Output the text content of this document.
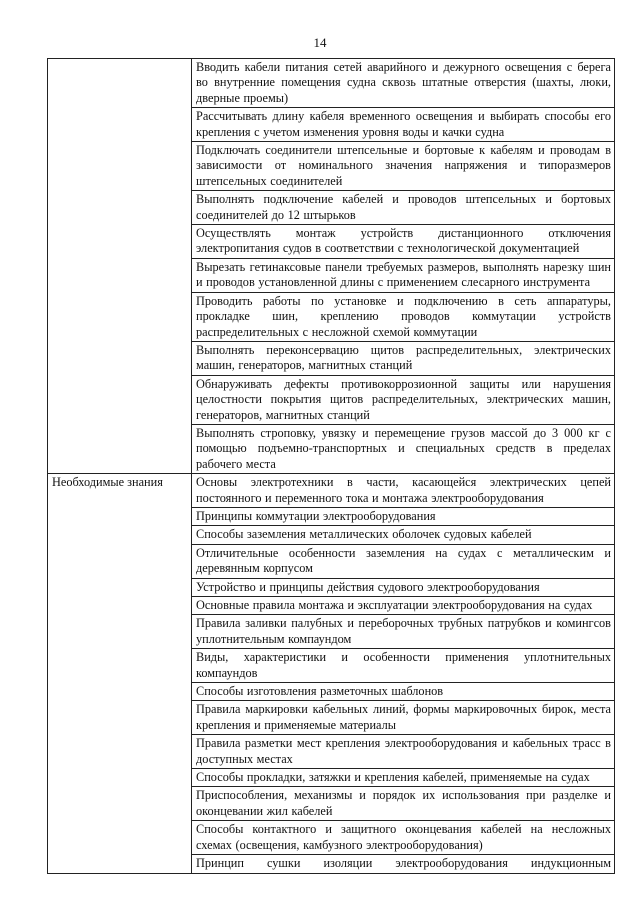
14
	Вводить кабели питания сетей аварийного и дежурного освещения с берега во внутренние помещения судна сквозь штатные отверстия (шахты, люки, дверные проемы)
	Рассчитывать длину кабеля временного освещения и выбирать способы его крепления с учетом изменения уровня воды и качки судна
	Подключать соединители штепсельные и бортовые к кабелям и проводам в зависимости от номинального значения напряжения и типоразмеров штепсельных соединителей
	Выполнять подключение кабелей и проводов штепсельных и бортовых соединителей до 12 штырьков
	Осуществлять монтаж устройств дистанционного отключения электропитания судов в соответствии с технологической документацией
	Вырезать гетинаксовые панели требуемых размеров, выполнять нарезку шин и проводов установленной длины с применением слесарного инструмента
	Проводить работы по установке и подключению в сеть аппаратуры, прокладке шин, креплению проводов коммутации устройств распределительных с несложной схемой коммутации
	Выполнять переконсервацию щитов распределительных, электрических машин, генераторов, магнитных станций
	Обнаруживать дефекты противокоррозионной защиты или нарушения целостности покрытия щитов распределительных, электрических машин, генераторов, магнитных станций
	Выполнять строповку, увязку и перемещение грузов массой до 3 000 кг с помощью подъемно-транспортных и специальных средств в пределах рабочего места
Необходимые знания	Основы электротехники в части, касающейся электрических цепей постоянного и переменного тока и монтажа электрооборудования
	Принципы коммутации электрооборудования
	Способы заземления металлических оболочек судовых кабелей
	Отличительные особенности заземления на судах с металлическим и деревянным корпусом
	Устройство и принципы действия судового электрооборудования
	Основные правила монтажа и эксплуатации электрооборудования на судах
	Правила заливки палубных и переборочных трубных патрубков и комингсов уплотнительным компаундом
	Виды, характеристики и особенности применения уплотнительных компаундов
	Способы изготовления разметочных шаблонов
	Правила маркировки кабельных линий, формы маркировочных бирок, места крепления и применяемые материалы
	Правила разметки мест крепления электрооборудования и кабельных трасс в доступных местах
	Способы прокладки, затяжки и крепления кабелей, применяемые на судах
	Приспособления, механизмы и порядок их использования при разделке и оконцевании жил кабелей
	Способы контактного и защитного оконцевания кабелей на несложных схемах (освещения, камбузного электрооборудования)
	Принцип сушки изоляции электрооборудования индукционным
